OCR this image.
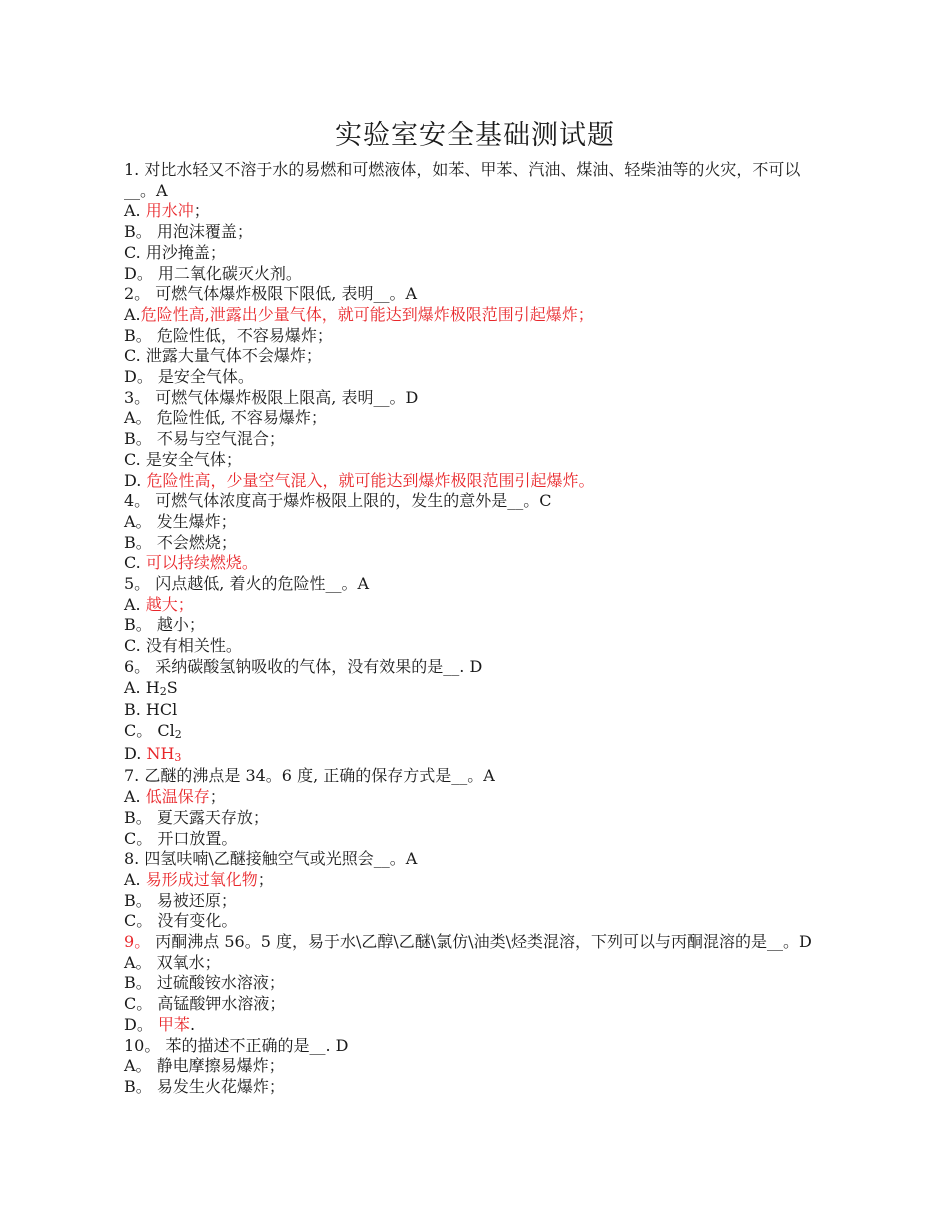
实验室安全基础测试题
1. 对比水轻又不溶于水的易燃和可燃液体，如苯、甲苯、汽油、煤油、轻柴油等的火灾，不可以__。A
A. 用水冲；
B。 用泡沫覆盖；
C. 用沙掩盖；
D。 用二氧化碳灭火剂。
2。 可燃气体爆炸极限下限低, 表明__。A
A.危险性高,泄露出少量气体，就可能达到爆炸极限范围引起爆炸；
B。 危险性低，不容易爆炸；
C. 泄露大量气体不会爆炸；
D。 是安全气体。
3。 可燃气体爆炸极限上限高, 表明__。D
A。 危险性低, 不容易爆炸；
B。 不易与空气混合；
C. 是安全气体；
D. 危险性高，少量空气混入，就可能达到爆炸极限范围引起爆炸。
4。 可燃气体浓度高于爆炸极限上限的，发生的意外是__。C
A。 发生爆炸；
B。 不会燃烧；
C. 可以持续燃烧。
5。 闪点越低, 着火的危险性__。A
A. 越大；
B。 越小；
C. 没有相关性。
6。 采纳碳酸氢钠吸收的气体，没有效果的是__. D
A. $H_2S$
B. HCl
C。 $Cl_2$
D. $NH_3$
7. 乙醚的沸点是 34。6 度, 正确的保存方式是__。A
A. 低温保存；
B。 夏天露天存放；
C。 开口放置。
8. 四氢呋喃\乙醚接触空气或光照会__。A
A. 易形成过氧化物；
B。 易被还原；
C。 没有变化。
9。 丙酮沸点 56。5 度，易于水\乙醇\乙醚\氯仿\油类\烃类混溶，下列可以与丙酮混溶的是__。D
A。 双氧水；
B。 过硫酸铵水溶液；
C。 高锰酸钾水溶液；
D。 甲苯.
10。 苯的描述不正确的是__. D
A。 静电摩擦易爆炸；
B。 易发生火花爆炸；
